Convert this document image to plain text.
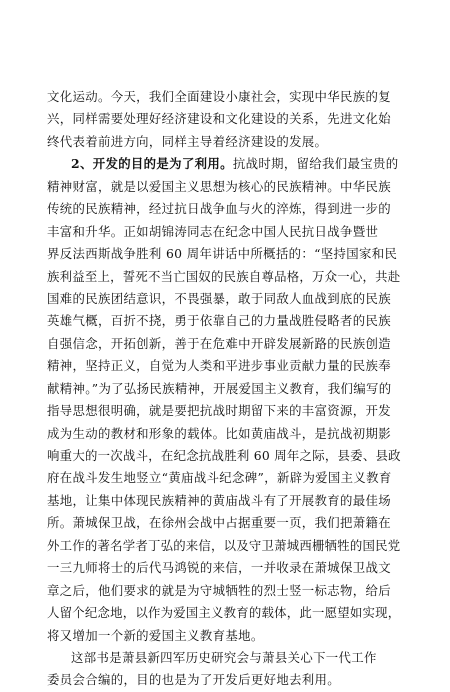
文化运动。今天，我们全面建设小康社会，实现中华民族的复
兴，同样需要处理好经济建设和文化建设的关系，先进文化始
终代表着前进方向，同样主导着经济建设的发展。
2、开发的目的是为了利用。抗战时期，留给我们最宝贵的
精神财富，就是以爱国主义思想为核心的民族精神。中华民族
传统的民族精神，经过抗日战争血与火的淬炼，得到进一步的
丰富和升华。正如胡锦涛同志在纪念中国人民抗日战争暨世
界反法西斯战争胜利 60 周年讲话中所概括的：“坚持国家和民
族利益至上，誓死不当亡国奴的民族自尊品格，万众一心，共赴
国难的民族团结意识，不畏强暴，敢于同敌人血战到底的民族
英雄气概，百折不挠，勇于依靠自己的力量战胜侵略者的民族
自强信念，开拓创新，善于在危难中开辟发展新路的民族创造
精神，坚持正义，自觉为人类和平进步事业贡献力量的民族奉
献精神。”为了弘扬民族精神，开展爱国主义教育，我们编写的
指导思想很明确，就是要把抗战时期留下来的丰富资源，开发
成为生动的教材和形象的载体。比如黄庙战斗，是抗战初期影
响重大的一次战斗，在纪念抗战胜利 60 周年之际，县委、县政
府在战斗发生地竖立“黄庙战斗纪念碑”，新辟为爱国主义教育
基地，让集中体现民族精神的黄庙战斗有了开展教育的最佳场
所。萧城保卫战，在徐州会战中占据重要一页，我们把萧籍在
外工作的著名学者丁弘的来信，以及守卫萧城西栅牺牲的国民党
一三九师将士的后代马鸿锐的来信，一并收录在萧城保卫战文
章之后，他们要求的就是为守城牺牲的烈士竖一标志物，给后
人留个纪念地，以作为爱国主义教育的载体，此一愿望如实现，
将又增加一个新的爱国主义教育基地。
这部书是萧县新四军历史研究会与萧县关心下一代工作
委员会合编的，目的也是为了开发后更好地去利用。
